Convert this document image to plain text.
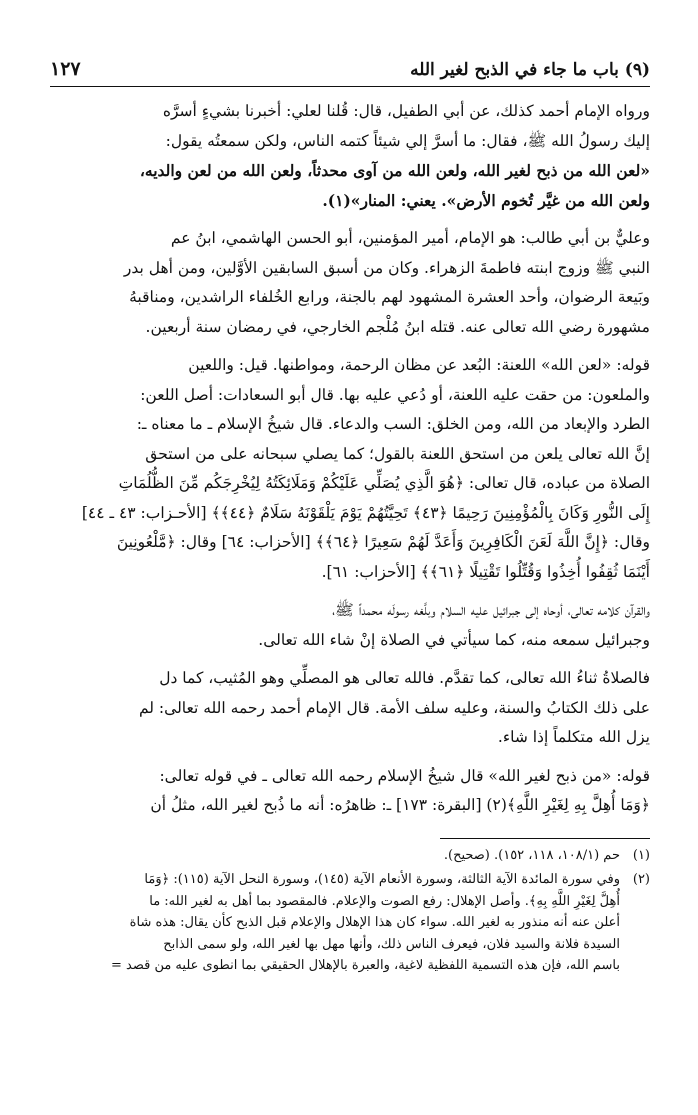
(٩) باب ما جاء في الذبح لغير الله
١٢٧

ورواه الإمام أحمد كذلك، عن أبي الطفيل، قال: قُلنا لعلي: أخبرنا بشيءٍ أسرَّه
إليك رسولُ الله ﷺ، فقال: ما أسرَّ إلي شيئاً كتمه الناس، ولكن سمعتُه يقول:
«لعن الله من ذبح لغير الله، ولعن الله من آوى محدثاً، ولعن الله من لعن والديه،
ولعن الله من غيَّر تُخوم الأرض». يعني: المنار»(١).

وعليٌّ بن أبي طالب: هو الإمام، أمير المؤمنين، أبو الحسن الهاشمي، ابنُ عم
النبي ﷺ وزوج ابنته فاطمةَ الزهراء. وكان من أسبق السابقين الأوَّلين، ومن أهل بدر
وبَيعة الرضوان، وأحد العشرة المشهود لهم بالجنة، ورابع الخُلفاء الراشدين، ومناقبهُ
مشهورة رضي الله تعالى عنه. قتله ابنُ مُلْجم الخارجي، في رمضان سنة أربعين.

قوله: «لعن الله» اللعنة: البُعد عن مظان الرحمة، ومواطنها. قيل: واللعين
والملعون: من حقت عليه اللعنة، أو دُعي عليه بها. قال أبو السعادات: أصل اللعن:
الطرد والإبعاد من الله، ومن الخلق: السب والدعاء. قال شيخُ الإسلام ـ ما معناه ـ:
إنَّ الله تعالى يلعن من استحق اللعنة بالقول؛ كما يصلي سبحانه على من استحق
الصلاة من عباده، قال تعالى: ﴿هُوَ الَّذِي يُصَلِّي عَلَيْكُمْ وَمَلَائِكَتُهُ لِيُخْرِجَكُم مِّنَ الظُّلُمَاتِ
إِلَى النُّورِ وَكَانَ بِالْمُؤْمِنِينَ رَحِيمًا ﴿٤٣﴾ تَحِيَّتُهُمْ يَوْمَ يَلْقَوْنَهُ سَلَامٌ ﴿٤٤﴾﴾ [الأحـزاب: ٤٣ ـ ٤٤]
وقال: ﴿إِنَّ اللَّهَ لَعَنَ الْكَافِرِينَ وَأَعَدَّ لَهُمْ سَعِيرًا ﴿٦٤﴾﴾ [الأحزاب: ٦٤] وقال: ﴿مَّلْعُونِينَ
أَيْنَمَا ثُقِفُوا أُخِذُوا وَقُتِّلُوا تَقْتِيلًا ﴿٦١﴾﴾ [الأحزاب: ٦١].

والقرآن كلامه تعالى، أوحاه إلى جبرائيل عليه السلام وبلَّغه رسولَه محمداً ﷺ،
وجبرائيل سمعه منه، كما سيأتي في الصلاة إنْ شاء الله تعالى.

فالصلاةُ ثناءُ الله تعالى، كما تقدَّم. فالله تعالى هو المصلِّي وهو المُثيب، كما دل
على ذلك الكتابُ والسنة، وعليه سلف الأمة. قال الإمام أحمد رحمه الله تعالى: لم
يزل الله متكلماً إذا شاء.

قوله: «من ذبح لغير الله» قال شيخُ الإسلام رحمه الله تعالى ـ في قوله تعالى:
﴿وَمَا أُهِلَّ بِهِ لِغَيْرِ اللَّهِ﴾(٢) [البقرة: ١٧٣] ـ: ظاهرُه: أنه ما ذُبح لغير الله، مثلُ أن

(١)
حم (١٠٨/١، ١١٨، ١٥٢). (صحيح).
(٢)
وفي سورة المائدة الآية الثالثة، وسورة الأنعام الآية (١٤٥)، وسورة النحل الآية (١١٥): ﴿وَمَا
أُهِلَّ لِغَيْرِ اللَّهِ بِهِ﴾. وأصل الإهلال: رفع الصوت والإعلام. فالمقصود بما أهل به لغير الله: ما
أعلن عنه أنه منذور به لغير الله. سواء كان هذا الإهلال والإعلام قبل الذبح كأن يقال: هذه شاة
السيدة فلانة والسيد فلان، فيعرف الناس ذلك، وأنها مهل بها لغير الله، ولو سمى الذابح
باسم الله، فإن هذه التسمية اللفظية لاغية، والعبرة بالإهلال الحقيقي بما انطوى عليه من قصد =
